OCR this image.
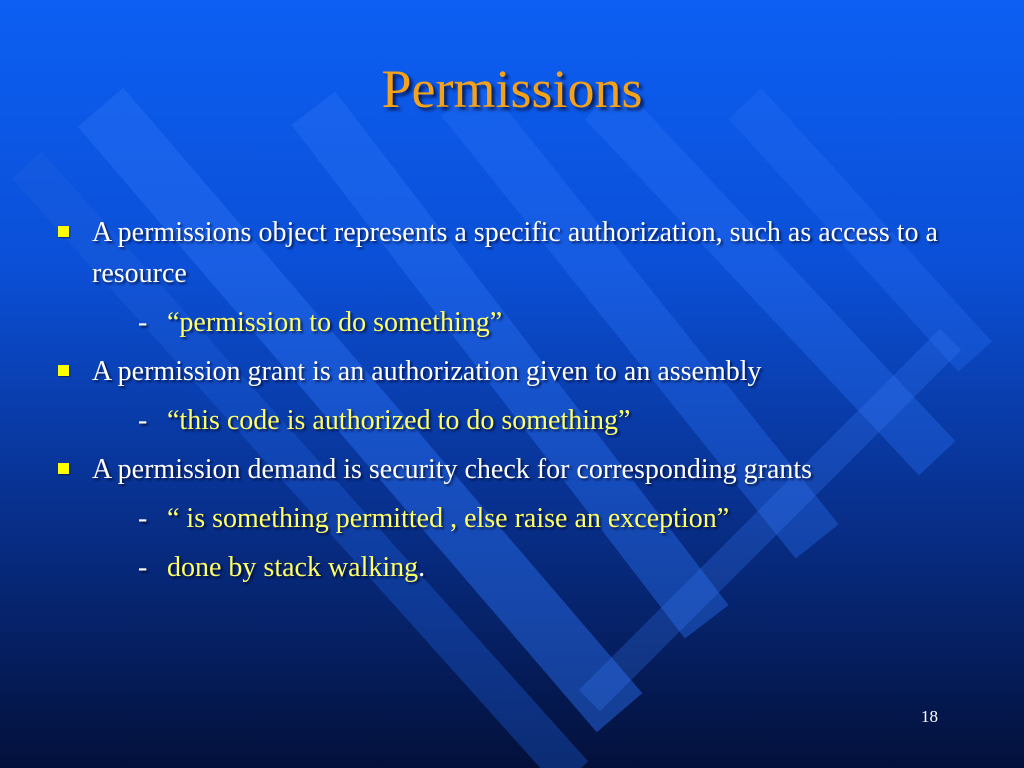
Permissions
A permissions object represents a specific authorization, such as access to a resource
- “permission to do something”
A permission grant is an authorization given to an assembly
- “this code is authorized to do something”
A permission demand is security check for corresponding grants
- “ is something permitted , else raise an exception”
- done by stack walking.
18
